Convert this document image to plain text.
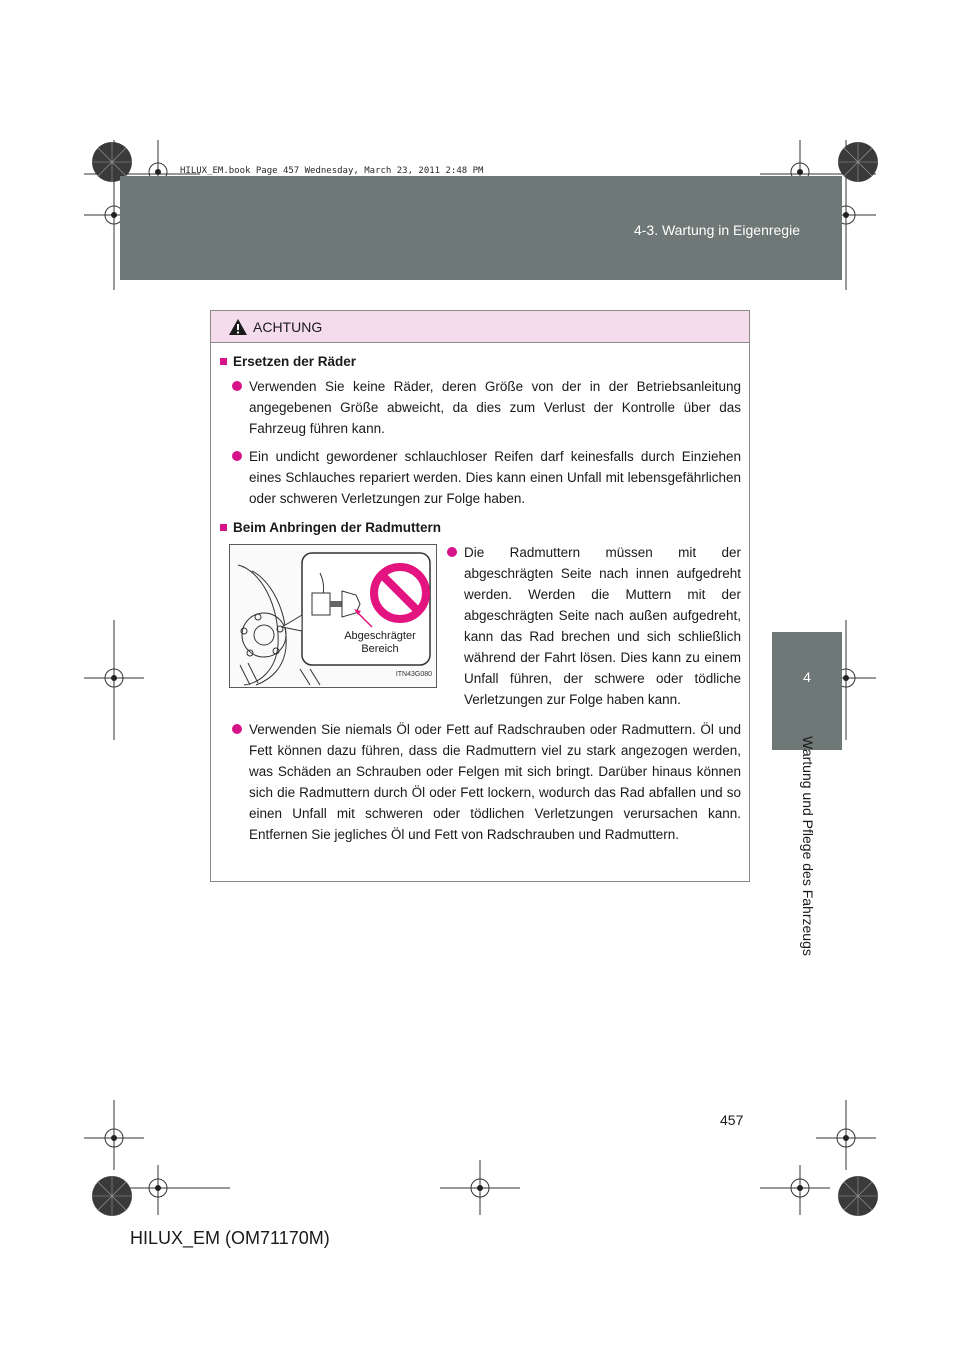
HILUX_EM.book Page 457 Wednesday, March 23, 2011 2:48 PM
4-3. Wartung in Eigenregie
4
Wartung und Pflege des Fahrzeugs
ACHTUNG
Ersetzen der Räder
Verwenden Sie keine Räder, deren Größe von der in der Betriebsanleitung angegebenen Größe abweicht, da dies zum Verlust der Kontrolle über das Fahrzeug führen kann.
Ein undicht gewordener schlauchloser Reifen darf keinesfalls durch Einziehen eines Schlauches repariert werden. Dies kann einen Unfall mit lebensgefährlichen oder schweren Verletzungen zur Folge haben.
Beim Anbringen der Radmuttern
Abgeschrägter Bereich
ITN43G080
Die Radmuttern müssen mit der abgeschrägten Seite nach innen aufgedreht werden. Werden die Muttern mit der abgeschrägten Seite nach außen aufgedreht, kann das Rad brechen und sich schließlich während der Fahrt lösen. Dies kann zu einem Unfall führen, der schwere oder tödliche Verletzungen zur Folge haben kann.
Verwenden Sie niemals Öl oder Fett auf Radschrauben oder Radmuttern. Öl und Fett können dazu führen, dass die Radmuttern viel zu stark angezogen werden, was Schäden an Schrauben oder Felgen mit sich bringt. Darüber hinaus können sich die Radmuttern durch Öl oder Fett lockern, wodurch das Rad abfallen und so einen Unfall mit schweren oder tödlichen Verletzungen verursachen kann. Entfernen Sie jegliches Öl und Fett von Radschrauben und Radmuttern.
457
HILUX_EM (OM71170M)
